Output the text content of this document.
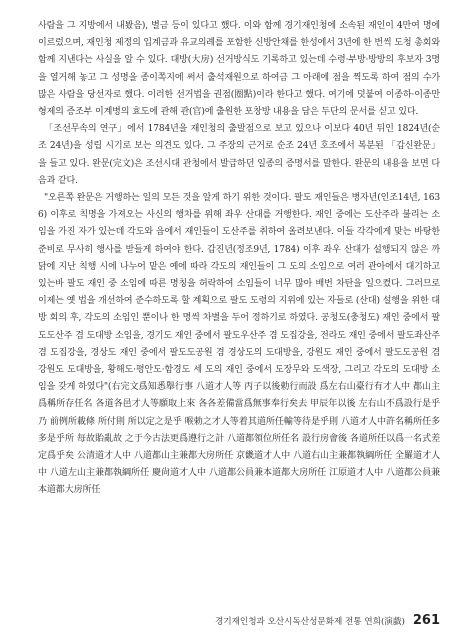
사람을 그 지방에서 내봤음), 별금 등이 있다고 했다. 이와 함께 경기재인청에 소속된 재인이 4만여 명에 이르렀으며, 재인청 제정의 입계금과 유교의례를 포함한 신방안채를 한성에서 3년에 한 번씩 도청 총회와 함께 지낸다는 사실을 알 수 있다. 대방(大房) 선거방식도 기록하고 있는데 수령·부방·방방의 후보자 3명을 열거해 놓고 그 성명을 종이쪽지에 써서 출석재원으로 하여금 그 아래에 점을 찍도록 하여 점의 수가 많은 사람을 당선자로 했다. 이러한 선거법을 권점(圈點)이라 한다고 했다. 여기에 덧붙여 이종하·이종만 형제의 증조부 이계병의 효도에 관해 관(官)에 출원한 포창방 내용을 담은 두단의 문서를 싣고 있다.

「조선무속의 연구」에서 1784년을 재인청의 출발점으로 보고 있으나 이보다 40년 뒤인 1824년(순조 24년)을 성립 시기로 보는 의견도 있다. 그 주장의 근거로 순조 24년 호조에서 복분된 「갑신완문」을 들고 있다. 완문(完文)은 조선시대 관청에서 발급하던 일종의 증명서를 말한다. 완문의 내용을 보면 다음과 같다.

"오른쪽 완문은 거행하는 일의 모든 것을 알게 하기 위한 것이다. 팔도 재인들은 병자년(인조14년, 1636) 이후로 칙명을 가져오는 사신의 행차를 위해 좌우 산대를 거행한다. 재인 중에는 도산주라 불리는 소임을 가진 자가 있는데 각도와 읍에서 재인들이 도산주를 취하여 올려보낸다. 이들 각각에게 맞는 바탕한 준비로 무사히 행사를 받들게 하여야 한다. 갑진년(정조9년, 1784) 이후 좌우 산대가 설행되지 않은 까닭에 지난 칙행 시에 나누어 맡은 예에 따라 각도의 재인들이 그 도의 소임으로 여러 관아에서 대기하고 있는바 팔도 재인 중 소임에 따른 명칭을 허락하여 소임들이 너무 많아 배번 차탄을 일으켰다. 그러므로 이제는 옛 법을 개선하여 준수하도록 할 계획으로 팔도 도령의 지위에 있는 자들로 (산대) 설행을 위한 대방 회의 후, 각도의 소임인 뿐이나 한 명씩 차별을 두어 정하기로 하였다. 공청도(충청도) 재인 중에서 팔도도산주 겸 도대방 소임을, 경기도 재인 중에서 팔도우산주 겸 도집강을, 전라도 재인 중에서 팔도좌산주 겸 도집강을, 경상도 재인 중에서 팔도도공원 겸 경상도의 도대방을, 강원도 재인 중에서 팔도도공원 겸 강원도 도대방을, 황해도·평안도·함경도 세 도의 재인 중에서 도장무와 도색장, 그리고 각도의 도대방 소임을 갖게 하였다"(右完文爲知悉舉行事 八道才人等 丙子以後勅行而設 爲左右山臺行有才人中 都山主爲稱所存任名 各道各邑才人等願取上來 各各差備當爲無事奉行矣去 甲辰年以後 左右山不爲設行是乎乃 前例所載條 所付則 所以定之是乎 喉勅之才人等着其道所任輸等待是乎則 八道才人中許名稱所任多多是乎所 每故貽亂故 之于今古法更爲遵行之計 八道都領位所任名 設行房會後 各道所任以爲一名式差定爲乎矣 公清道才人中 八道都山主兼都大房所任 京畿道才人中 八道右山主兼都執綱所任 全羅道才人中 八道左山主兼都執綱所任 慶尙道才人中 八道都公員兼本道都大房所任 江原道才人中 八道都公員兼本道都大房所任

경기재인청과 오산시독산성문화제 전통 연희(演戱) 261
